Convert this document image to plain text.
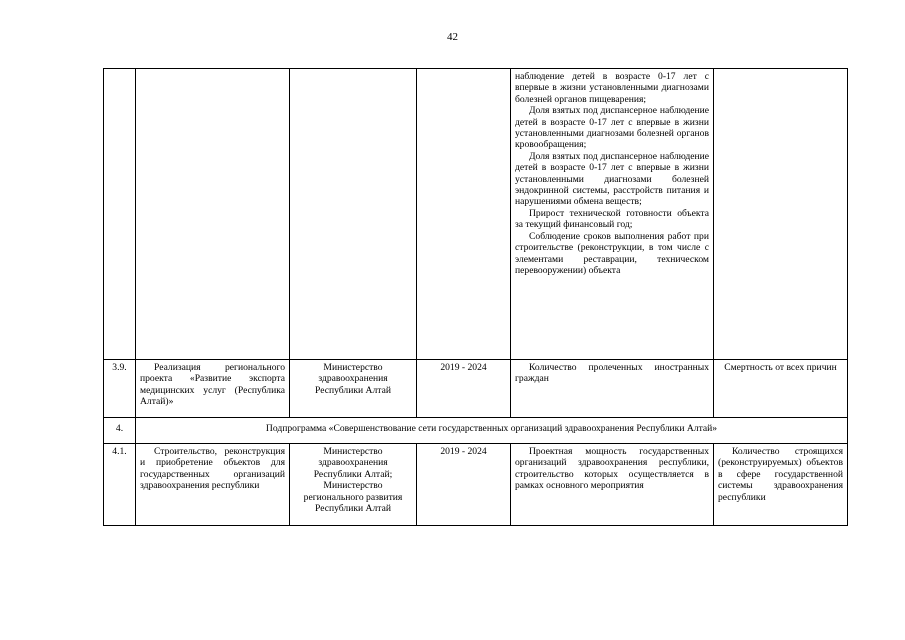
42

				наблюдение детей в возрасте 0-17 лет с впервые в жизни установленными диагнозами болезней органов пищеварения;
Доля взятых под диспансерное наблюдение детей в возрасте 0-17 лет с впервые в жизни установленными диагнозами болезней органов кровообращения;
Доля взятых под диспансерное наблюдение детей в возрасте 0-17 лет с впервые в жизни установленными диагнозами болезней эндокринной системы, расстройств питания и нарушениями обмена веществ;
Прирост технической готовности объекта за текущий финансовый год;
Соблюдение сроков выполнения работ при строительстве (реконструкции, в том числе с элементами реставрации, техническом перевооружении) объекта	

3.9.	Реализация регионального проекта «Развитие экспорта медицинских услуг (Республика Алтай)»	Министерство здравоохранения Республики Алтай	2019 - 2024	Количество пролеченных иностранных граждан	Смертность от всех причин
4.	Подпрограмма «Совершенствование сети государственных организаций здравоохранения Республики Алтай»				
4.1.	Строительство, реконструкция и приобретение объектов для государственных организаций здравоохранения республики	Министерство здравоохранения Республики Алтай; Министерство регионального развития Республики Алтай	2019 - 2024	Проектная мощность государственных организаций здравоохранения республики, строительство которых осуществляется в рамках основного мероприятия	Количество строящихся (реконструируемых) объектов в сфере государственной системы здравоохранения республики
